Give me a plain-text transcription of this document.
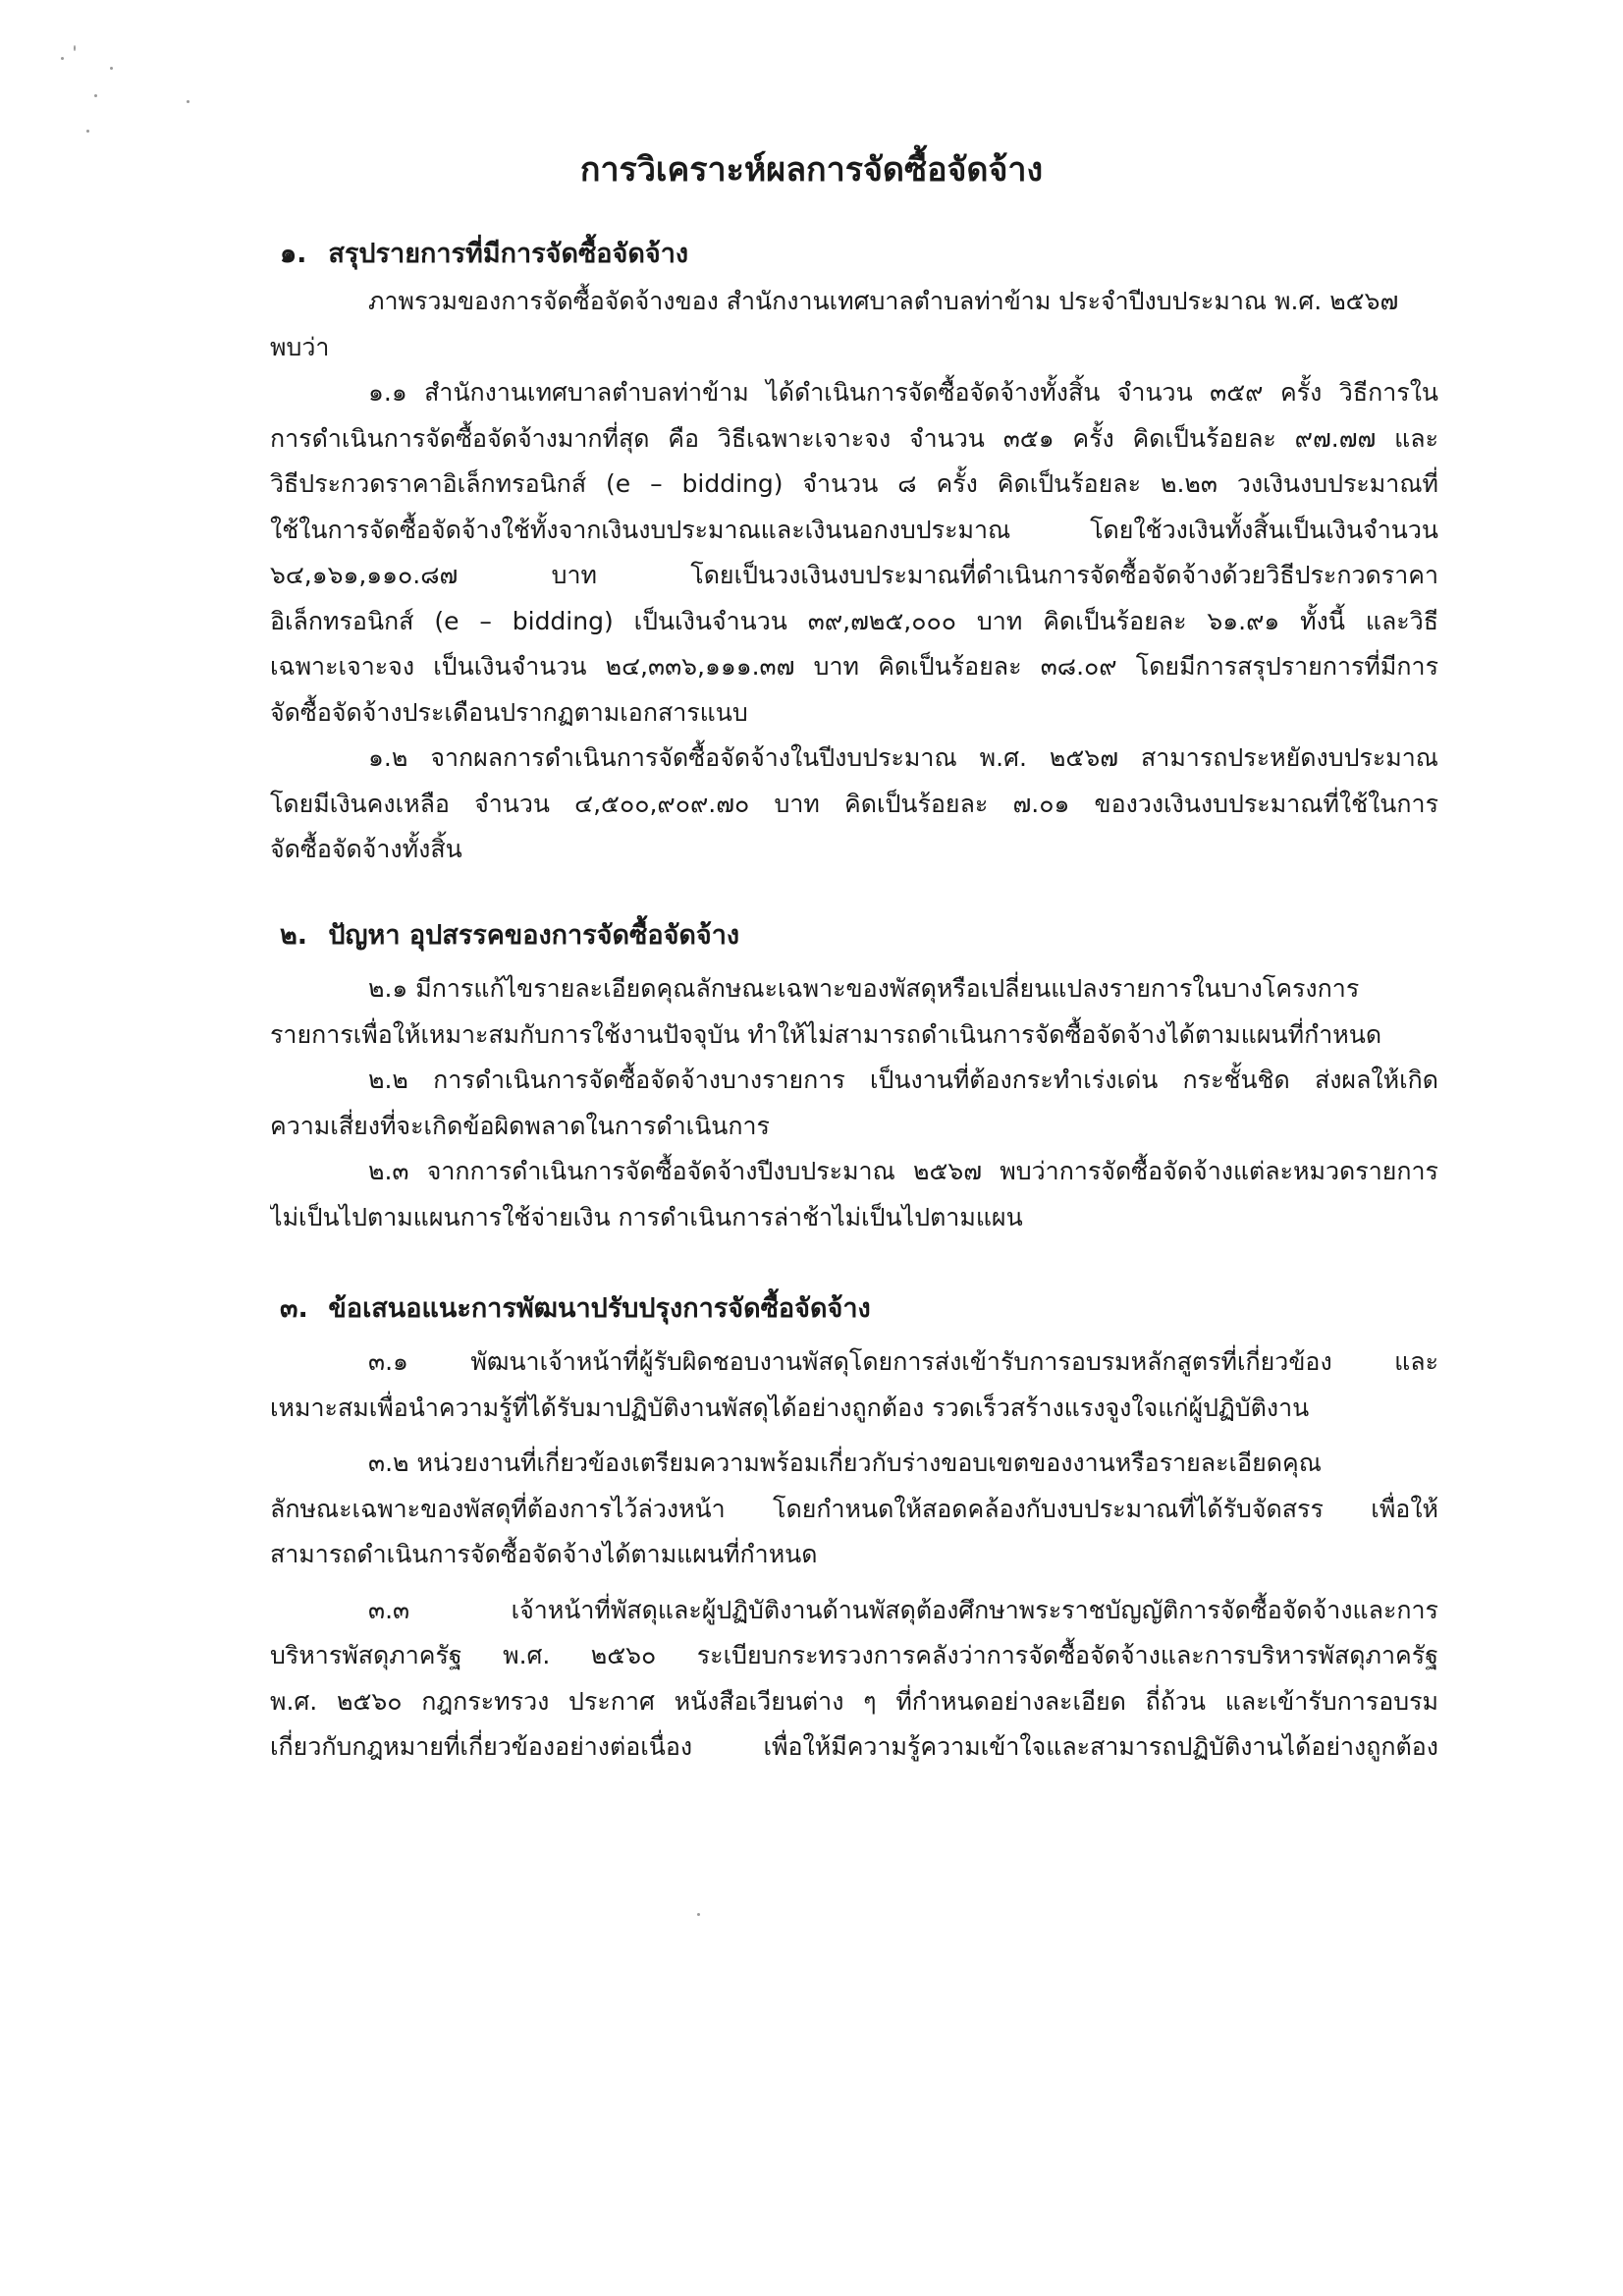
การวิเคราะห์ผลการจัดซื้อจัดจ้าง
๑. สรุปรายการที่มีการจัดซื้อจัดจ้าง
ภาพรวมของการจัดซื้อจัดจ้างของ สำนักงานเทศบาลตำบลท่าข้าม ประจำปีงบประมาณ พ.ศ. ๒๕๖๗
พบว่า
๑.๑ สำนักงานเทศบาลตำบลท่าข้าม ได้ดำเนินการจัดซื้อจัดจ้างทั้งสิ้น จำนวน ๓๕๙ ครั้ง วิธีการใน
การดำเนินการจัดซื้อจัดจ้างมากที่สุด คือ วิธีเฉพาะเจาะจง จำนวน ๓๕๑ ครั้ง คิดเป็นร้อยละ ๙๗.๗๗ และ
วิธีประกวดราคาอิเล็กทรอนิกส์ (e – bidding) จำนวน ๘ ครั้ง คิดเป็นร้อยละ ๒.๒๓ วงเงินงบประมาณที่
ใช้ในการจัดซื้อจัดจ้างใช้ทั้งจากเงินงบประมาณและเงินนอกงบประมาณ โดยใช้วงเงินทั้งสิ้นเป็นเงินจำนวน
๖๔,๑๖๑,๑๑๐.๘๗ บาท โดยเป็นวงเงินงบประมาณที่ดำเนินการจัดซื้อจัดจ้างด้วยวิธีประกวดราคา
อิเล็กทรอนิกส์ (e – bidding) เป็นเงินจำนวน ๓๙,๗๒๕,๐๐๐ บาท คิดเป็นร้อยละ ๖๑.๙๑ ทั้งนี้ และวิธี
เฉพาะเจาะจง เป็นเงินจำนวน ๒๔,๓๓๖,๑๑๑.๓๗ บาท คิดเป็นร้อยละ ๓๘.๐๙ โดยมีการสรุปรายการที่มีการ
จัดซื้อจัดจ้างประเดือนปรากฏตามเอกสารแนบ
๑.๒ จากผลการดำเนินการจัดซื้อจัดจ้างในปีงบประมาณ พ.ศ. ๒๕๖๗ สามารถประหยัดงบประมาณ
โดยมีเงินคงเหลือ จำนวน ๔,๕๐๐,๙๐๙.๗๐ บาท คิดเป็นร้อยละ ๗.๐๑ ของวงเงินงบประมาณที่ใช้ในการ
จัดซื้อจัดจ้างทั้งสิ้น
๒. ปัญหา อุปสรรคของการจัดซื้อจัดจ้าง
๒.๑ มีการแก้ไขรายละเอียดคุณลักษณะเฉพาะของพัสดุหรือเปลี่ยนแปลงรายการในบางโครงการ
รายการเพื่อให้เหมาะสมกับการใช้งานปัจจุบัน ทำให้ไม่สามารถดำเนินการจัดซื้อจัดจ้างได้ตามแผนที่กำหนด
๒.๒ การดำเนินการจัดซื้อจัดจ้างบางรายการ เป็นงานที่ต้องกระทำเร่งเด่น กระชั้นชิด ส่งผลให้เกิด
ความเสี่ยงที่จะเกิดข้อผิดพลาดในการดำเนินการ
๒.๓ จากการดำเนินการจัดซื้อจัดจ้างปีงบประมาณ ๒๕๖๗ พบว่าการจัดซื้อจัดจ้างแต่ละหมวดรายการ
ไม่เป็นไปตามแผนการใช้จ่ายเงิน การดำเนินการล่าช้าไม่เป็นไปตามแผน
๓. ข้อเสนอแนะการพัฒนาปรับปรุงการจัดซื้อจัดจ้าง
๓.๑ พัฒนาเจ้าหน้าที่ผู้รับผิดชอบงานพัสดุโดยการส่งเข้ารับการอบรมหลักสูตรที่เกี่ยวข้อง และ
เหมาะสมเพื่อนำความรู้ที่ได้รับมาปฏิบัติงานพัสดุได้อย่างถูกต้อง รวดเร็วสร้างแรงจูงใจแก่ผู้ปฏิบัติงาน
๓.๒ หน่วยงานที่เกี่ยวข้องเตรียมความพร้อมเกี่ยวกับร่างขอบเขตของงานหรือรายละเอียดคุณ
ลักษณะเฉพาะของพัสดุที่ต้องการไว้ล่วงหน้า โดยกำหนดให้สอดคล้องกับงบประมาณที่ได้รับจัดสรร เพื่อให้
สามารถดำเนินการจัดซื้อจัดจ้างได้ตามแผนที่กำหนด
๓.๓ เจ้าหน้าที่พัสดุและผู้ปฏิบัติงานด้านพัสดุต้องศึกษาพระราชบัญญัติการจัดซื้อจัดจ้างและการ
บริหารพัสดุภาครัฐ พ.ศ. ๒๕๖๐ ระเบียบกระทรวงการคลังว่าการจัดซื้อจัดจ้างและการบริหารพัสดุภาครัฐ
พ.ศ. ๒๕๖๐ กฎกระทรวง ประกาศ หนังสือเวียนต่าง ๆ ที่กำหนดอย่างละเอียด ถี่ถ้วน และเข้ารับการอบรม
เกี่ยวกับกฎหมายที่เกี่ยวข้องอย่างต่อเนื่อง เพื่อให้มีความรู้ความเข้าใจและสามารถปฏิบัติงานได้อย่างถูกต้อง
